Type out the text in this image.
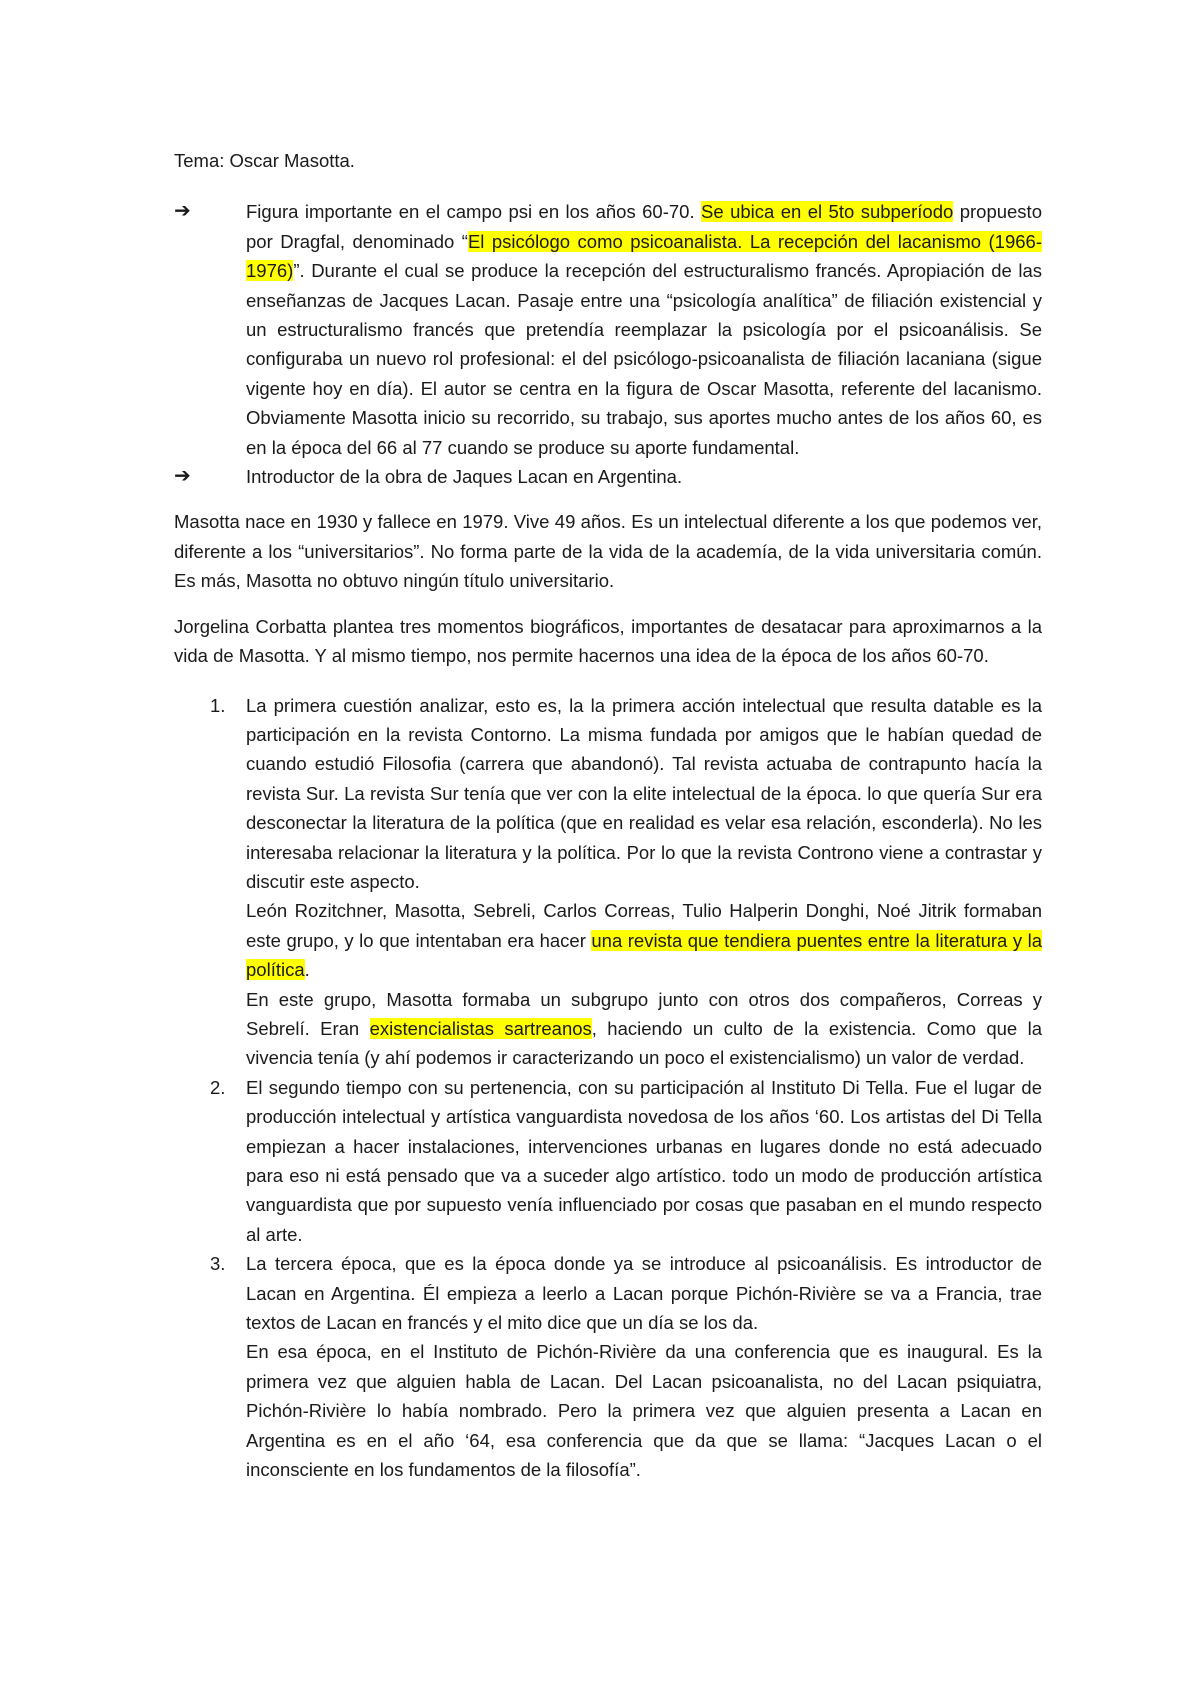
Tema: Oscar Masotta.

➔	Figura importante en el campo psi en los años 60-70. Se ubica en el 5to subperíodo propuesto por Dragfal, denominado “El psicólogo como psicoanalista. La recepción del lacanismo (1966-1976)”. Durante el cual se produce la recepción del estructuralismo francés. Apropiación de las enseñanzas de Jacques Lacan. Pasaje entre una “psicología analítica” de filiación existencial y un estructuralismo francés que pretendía reemplazar la psicología por el psicoanálisis. Se configuraba un nuevo rol profesional: el del psicólogo-psicoanalista de filiación lacaniana (sigue vigente hoy en día). El autor se centra en la figura de Oscar Masotta, referente del lacanismo. Obviamente Masotta inicio su recorrido, su trabajo, sus aportes mucho antes de los años 60, es en la época del 66 al 77 cuando se produce su aporte fundamental.

➔	Introductor de la obra de Jaques Lacan en Argentina.

Masotta nace en 1930 y fallece en 1979. Vive 49 años. Es un intelectual diferente a los que podemos ver, diferente a los “universitarios”. No forma parte de la vida de la academía, de la vida universitaria común. Es más, Masotta no obtuvo ningún título universitario.

Jorgelina Corbatta plantea tres momentos biográficos, importantes de desatacar para aproximarnos a la vida de Masotta. Y al mismo tiempo, nos permite hacernos una idea de la época de los años 60-70.

1. La primera cuestión analizar, esto es, la la primera acción intelectual que resulta datable es la participación en la revista Contorno. La misma fundada por amigos que le habían quedad de cuando estudió Filosofia (carrera que abandonó). Tal revista actuaba de contrapunto hacía la revista Sur. La revista Sur tenía que ver con la elite intelectual de la época. lo que quería Sur era desconectar la literatura de la política (que en realidad es velar esa relación, esconderla). No les interesaba relacionar la literatura y la política. Por lo que la revista Controno viene a contrastar y discutir este aspecto.

León Rozitchner, Masotta, Sebreli, Carlos Correas, Tulio Halperin Donghi, Noé Jitrik formaban este grupo, y lo que intentaban era hacer una revista que tendiera puentes entre la literatura y la política.

En este grupo, Masotta formaba un subgrupo junto con otros dos compañeros, Correas y Sebrelí. Eran existencialistas sartreanos, haciendo un culto de la existencia. Como que la vivencia tenía (y ahí podemos ir caracterizando un poco el existencialismo) un valor de verdad.

2. El segundo tiempo con su pertenencia, con su participación al Instituto Di Tella. Fue el lugar de producción intelectual y artística vanguardista novedosa de los años ‘60. Los artistas del Di Tella empiezan a hacer instalaciones, intervenciones urbanas en lugares donde no está adecuado para eso ni está pensado que va a suceder algo artístico. todo un modo de producción artística vanguardista que por supuesto venía influenciado por cosas que pasaban en el mundo respecto al arte.

3. La tercera época, que es la época donde ya se introduce al psicoanálisis. Es introductor de Lacan en Argentina. Él empieza a leerlo a Lacan porque Pichón-Rivière se va a Francia, trae textos de Lacan en francés y el mito dice que un día se los da.

En esa época, en el Instituto de Pichón-Rivière da una conferencia que es inaugural. Es la primera vez que alguien habla de Lacan. Del Lacan psicoanalista, no del Lacan psiquiatra, Pichón-Rivière lo había nombrado. Pero la primera vez que alguien presenta a Lacan en Argentina es en el año ‘64, esa conferencia que da que se llama: “Jacques Lacan o el inconsciente en los fundamentos de la filosofía”.
